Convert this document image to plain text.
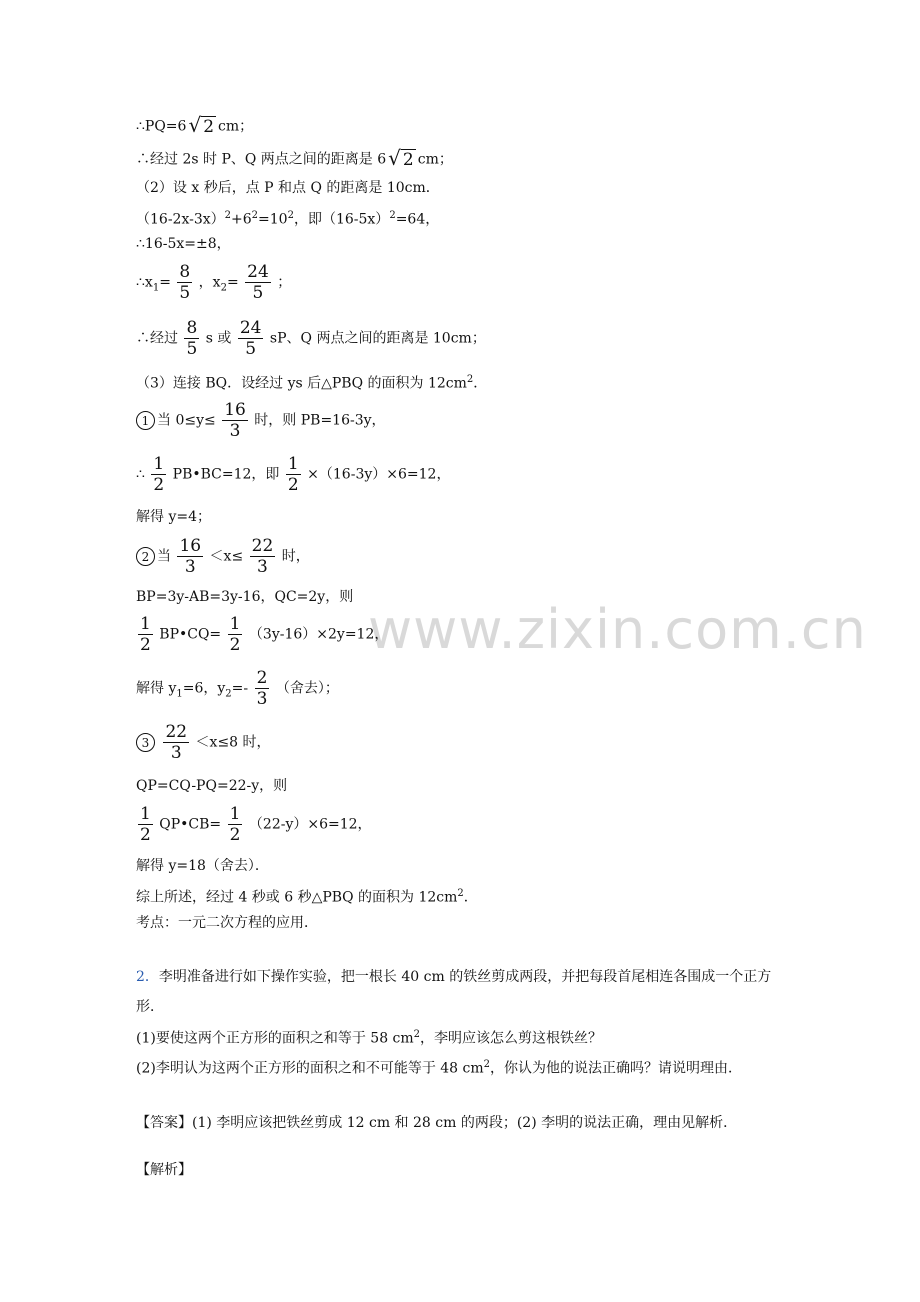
www.zixin.com.cn
∴PQ=6 √ 2 cm；
∴经过 2s 时 P、Q 两点之间的距离是 6 √ 2 cm；
（2）设 x 秒后，点 P 和点 Q 的距离是 10cm．
$(16-2x-3x)^2+6^2=10^2$，即$(16-5x)^2=64$，
∴16-5x=±8，
$\therefore x_1= \frac{8}{5}$ ，$x_2= \frac{24}{5}$ ；
∴经过 $\frac{8}{5}$ s 或 $\frac{24}{5}$ sP、Q 两点之间的距离是 10cm；
（3）连接 BQ．设经过 ys 后△PBQ 的面积为 $12cm^2$．
1 当 $0\le y\le \frac{16}{3}$ 时，则 PB=16-3y，
∴ $\frac{1}{2}$ PB•BC=12，即 $\frac{1}{2} \times(16-3y)\times 6=12$，
解得 y=4；
2 当 $\frac{16}{3} <x\le \frac{22}{3}$ 时，
BP=3y-AB=3y-16，QC=2y，则
$\frac{1}{2}$ BP•CQ= $\frac{1}{2} (3y-16)\times 2y=12$，
解得 $y_1=6$，$y_2=- \frac{2}{3}$ （舍去）；
$3 \frac{22}{3} <x\le 8$ 时，
QP=CQ-PQ=22-y，则
$\frac{1}{2}$ QP•CB= $\frac{1}{2} (22-y)\times 6=12$，
解得 y=18（舍去）．
综上所述，经过 4 秒或 6 秒△PBQ 的面积为 $12cm^2$．
考点：一元二次方程的应用．
2．李明准备进行如下操作实验，把一根长 40 cm 的铁丝剪成两段，并把每段首尾相连各围成一个正方形．
(1)要使这两个正方形的面积之和等于 58 $cm^2$，李明应该怎么剪这根铁丝？
(2)李明认为这两个正方形的面积之和不可能等于 48 $cm^2$，你认为他的说法正确吗？请说明理由．
【答案】(1) 李明应该把铁丝剪成 12 cm 和 28 cm 的两段；(2) 李明的说法正确，理由见解析．
【解析】
